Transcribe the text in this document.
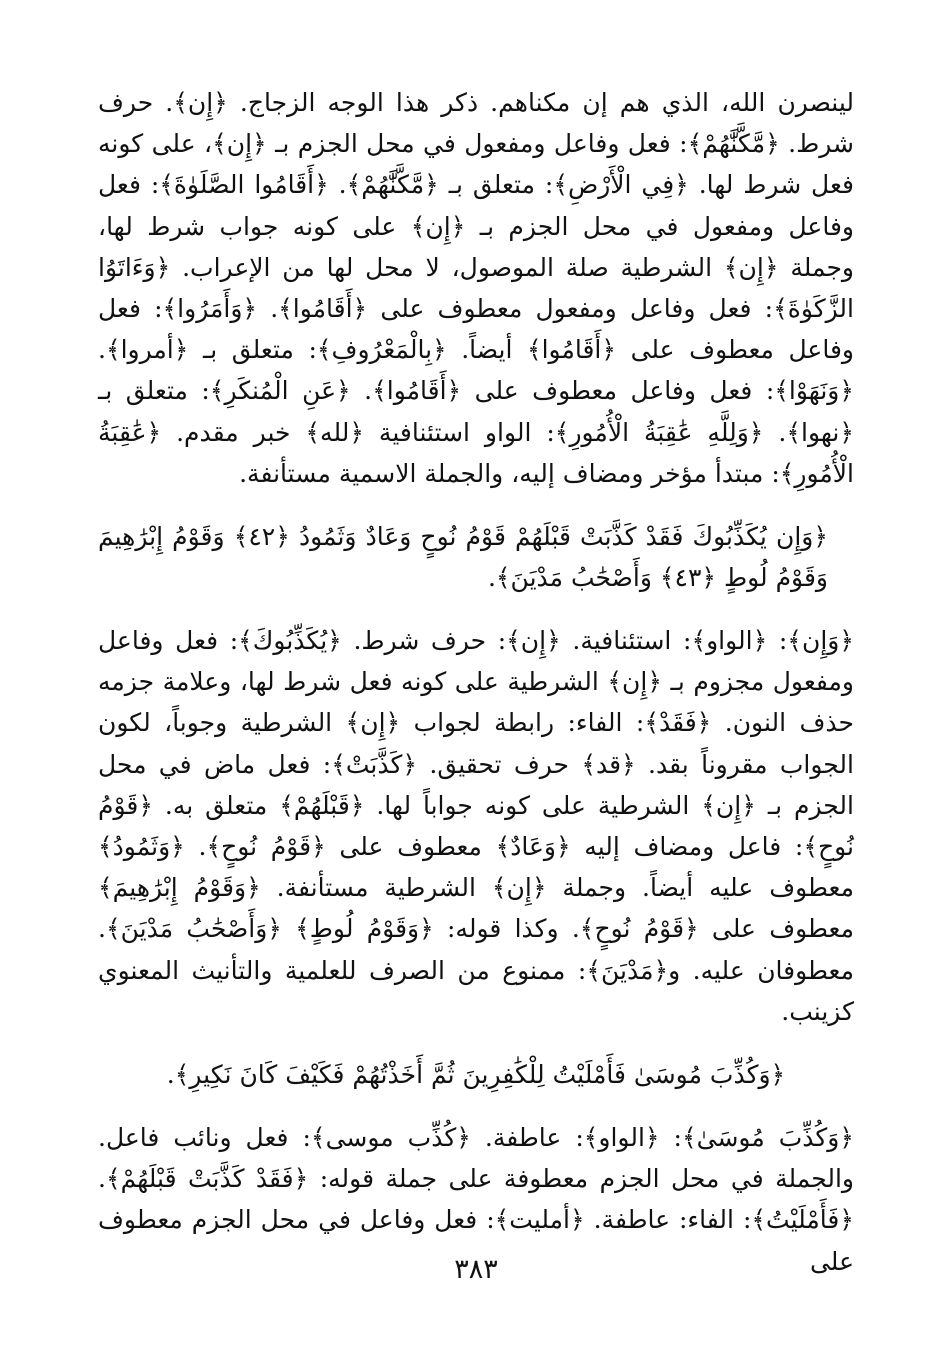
لينصرن الله، الذي هم إن مكناهم. ذكر هذا الوجه الزجاج. ﴿إِن﴾. حرف شرط. ﴿مَّكَّنَّٰهُمْ﴾: فعل وفاعل ومفعول في محل الجزم بـ ﴿إِن﴾، على كونه فعل شرط لها. ﴿فِي الْأَرْضِ﴾: متعلق بـ ﴿مَّكَّنَّٰهُمْ﴾. ﴿أَقَامُوا الصَّلَوٰةَ﴾: فعل وفاعل ومفعول في محل الجزم بـ ﴿إِن﴾ على كونه جواب شرط لها، وجملة ﴿إِن﴾ الشرطية صلة الموصول، لا محل لها من الإعراب. ﴿وَءَاتَوُا الزَّكَوٰةَ﴾: فعل وفاعل ومفعول معطوف على ﴿أَقَامُوا﴾. ﴿وَأَمَرُوا﴾: فعل وفاعل معطوف على ﴿أَقَامُوا﴾ أيضاً. ﴿بِالْمَعْرُوفِ﴾: متعلق بـ ﴿أمروا﴾. ﴿وَنَهَوْا﴾: فعل وفاعل معطوف على ﴿أَقَامُوا﴾. ﴿عَنِ الْمُنكَرِ﴾: متعلق بـ ﴿نهوا﴾. ﴿وَلِلَّهِ عَٰقِبَةُ الْأُمُورِ﴾: الواو استئنافية ﴿لله﴾ خبر مقدم. ﴿عَٰقِبَةُ الْأُمُورِ﴾: مبتدأ مؤخر ومضاف إليه، والجملة الاسمية مستأنفة.

﴿وَإِن يُكَذِّبُوكَ فَقَدْ كَذَّبَتْ قَبْلَهُمْ قَوْمُ نُوحٍ وَعَادٌ وَثَمُودُ ﴿٤٢﴾ وَقَوْمُ إِبْرَٰهِيمَ وَقَوْمُ لُوطٍ ﴿٤٣﴾ وَأَصْحَٰبُ مَدْيَنَ﴾.

﴿وَإِن﴾: ﴿الواو﴾: استئنافية. ﴿إِن﴾: حرف شرط. ﴿يُكَذِّبُوكَ﴾: فعل وفاعل ومفعول مجزوم بـ ﴿إِن﴾ الشرطية على كونه فعل شرط لها، وعلامة جزمه حذف النون. ﴿فَقَدْ﴾: الفاء: رابطة لجواب ﴿إِن﴾ الشرطية وجوباً، لكون الجواب مقروناً بقد. ﴿قد﴾ حرف تحقيق. ﴿كَذَّبَتْ﴾: فعل ماض في محل الجزم بـ ﴿إِن﴾ الشرطية على كونه جواباً لها. ﴿قَبْلَهُمْ﴾ متعلق به. ﴿قَوْمُ نُوحٍ﴾: فاعل ومضاف إليه ﴿وَعَادٌ﴾ معطوف على ﴿قَوْمُ نُوحٍ﴾. ﴿وَثَمُودُ﴾ معطوف عليه أيضاً. وجملة ﴿إِن﴾ الشرطية مستأنفة. ﴿وَقَوْمُ إِبْرَٰهِيمَ﴾ معطوف على ﴿قَوْمُ نُوحٍ﴾. وكذا قوله: ﴿وَقَوْمُ لُوطٍ﴾ ﴿وَأَصْحَٰبُ مَدْيَنَ﴾. معطوفان عليه. و﴿مَدْيَنَ﴾: ممنوع من الصرف للعلمية والتأنيث المعنوي كزينب.

﴿وَكُذِّبَ مُوسَىٰ فَأَمْلَيْتُ لِلْكَٰفِرِينَ ثُمَّ أَخَذْتُهُمْ فَكَيْفَ كَانَ نَكِيرِ﴾.

﴿وَكُذِّبَ مُوسَىٰ﴾: ﴿الواو﴾: عاطفة. ﴿كُذِّب موسى﴾: فعل ونائب فاعل. والجملة في محل الجزم معطوفة على جملة قوله: ﴿فَقَدْ كَذَّبَتْ قَبْلَهُمْ﴾. ﴿فَأَمْلَيْتُ﴾: الفاء: عاطفة. ﴿أمليت﴾: فعل وفاعل في محل الجزم معطوف على

٣٨٣
